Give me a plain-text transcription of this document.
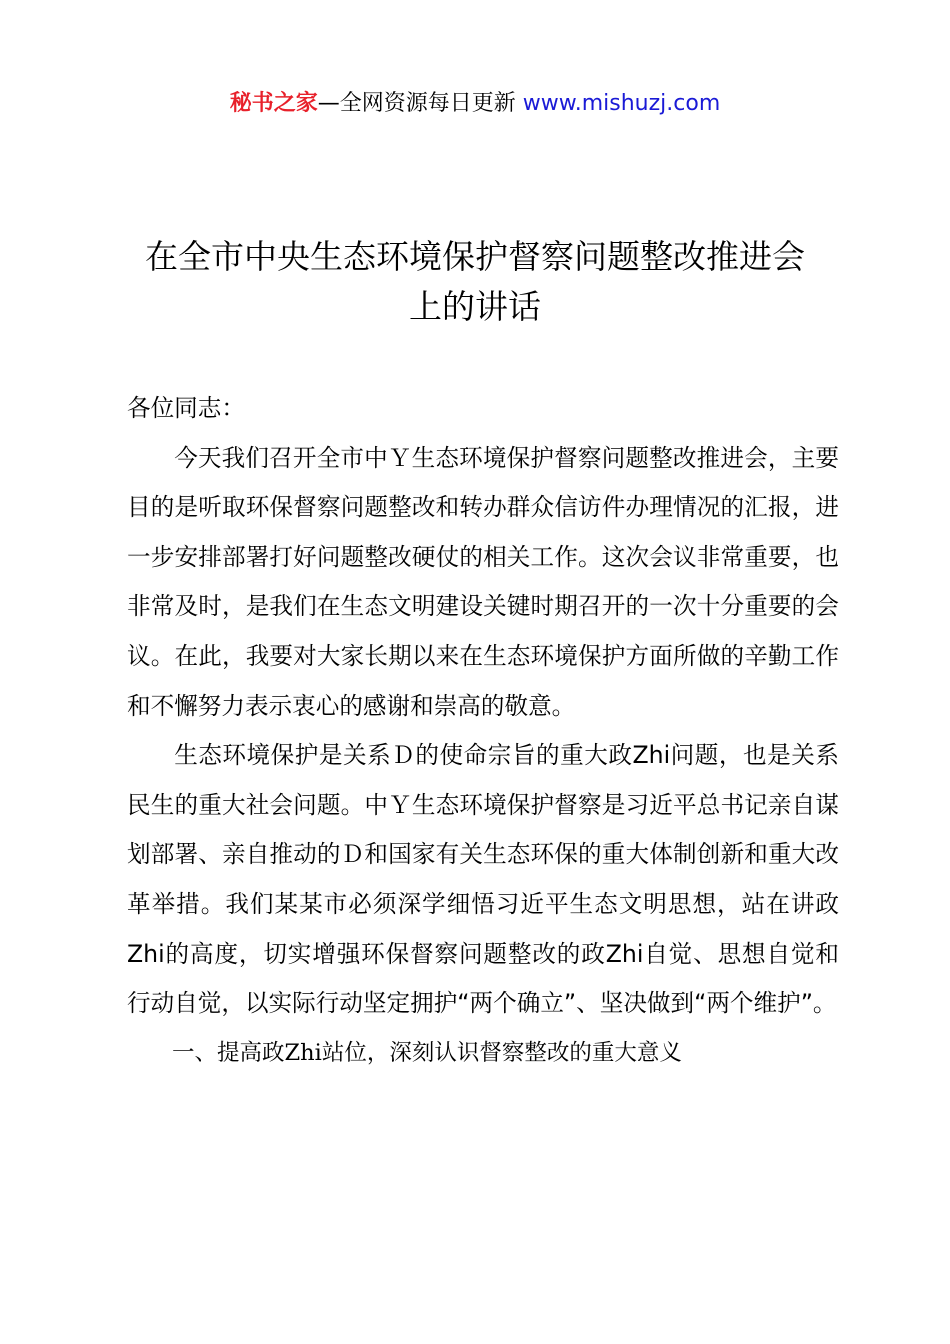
秘书之家—全网资源每日更新 www.mishuzj.com
在全市中央生态环境保护督察问题整改推进会
上的讲话

各位同志：

今天我们召开全市中Ｙ生态环境保护督察问题整改推进会，主要目的是听取环保督察问题整改和转办群众信访件办理情况的汇报，进一步安排部署打好问题整改硬仗的相关工作。这次会议非常重要，也非常及时，是我们在生态文明建设关键时期召开的一次十分重要的会议。在此，我要对大家长期以来在生态环境保护方面所做的辛勤工作和不懈努力表示衷心的感谢和崇高的敬意。

生态环境保护是关系Ｄ的使命宗旨的重大政Zhi问题，也是关系民生的重大社会问题。中Ｙ生态环境保护督察是习近平总书记亲自谋划部署、亲自推动的Ｄ和国家有关生态环保的重大体制创新和重大改革举措。我们某某市必须深学细悟习近平生态文明思想，站在讲政Zhi的高度，切实增强环保督察问题整改的政Zhi自觉、思想自觉和行动自觉，以实际行动坚定拥护“两个确立”、坚决做到“两个维护”。

一、提高政Zhi站位，深刻认识督察整改的重大意义
